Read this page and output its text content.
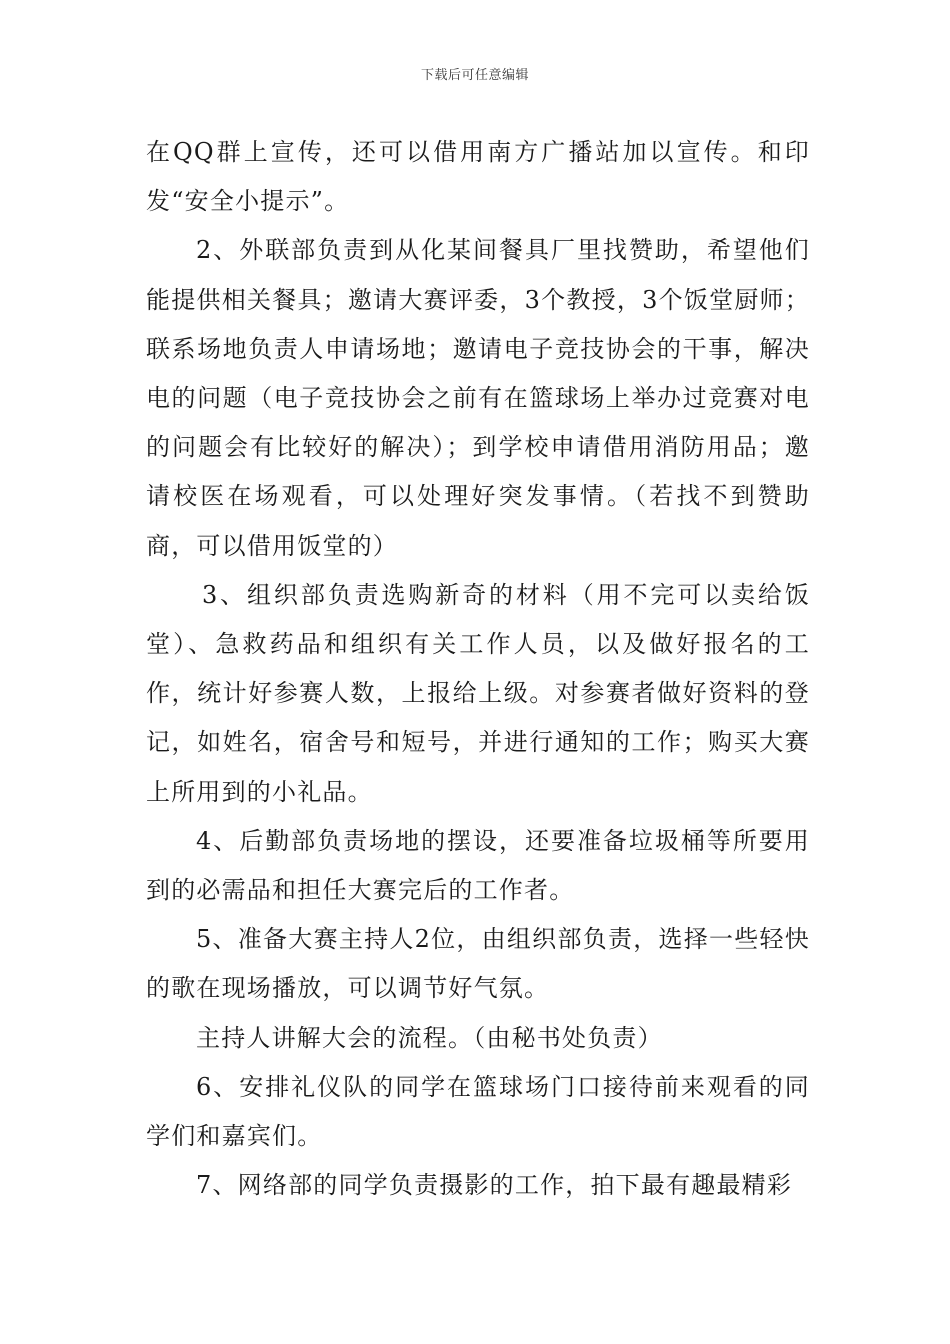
下载后可任意编辑

在QQ群上宣传，还可以借用南方广播站加以宣传。和印发“安全小提示”。

2、外联部负责到从化某间餐具厂里找赞助，希望他们能提供相关餐具；邀请大赛评委，3个教授，3个饭堂厨师；联系场地负责人申请场地；邀请电子竞技协会的干事，解决电的问题（电子竞技协会之前有在篮球场上举办过竞赛对电的问题会有比较好的解决）；到学校申请借用消防用品；邀请校医在场观看，可以处理好突发事情。（若找不到赞助商，可以借用饭堂的）

3、组织部负责选购新奇的材料（用不完可以卖给饭堂）、急救药品和组织有关工作人员，以及做好报名的工作，统计好参赛人数，上报给上级。对参赛者做好资料的登记，如姓名，宿舍号和短号，并进行通知的工作；购买大赛上所用到的小礼品。

4、后勤部负责场地的摆设，还要准备垃圾桶等所要用到的必需品和担任大赛完后的工作者。

5、准备大赛主持人2位，由组织部负责，选择一些轻快的歌在现场播放，可以调节好气氛。

主持人讲解大会的流程。（由秘书处负责）

6、安排礼仪队的同学在篮球场门口接待前来观看的同学们和嘉宾们。

7、网络部的同学负责摄影的工作，拍下最有趣最精彩
